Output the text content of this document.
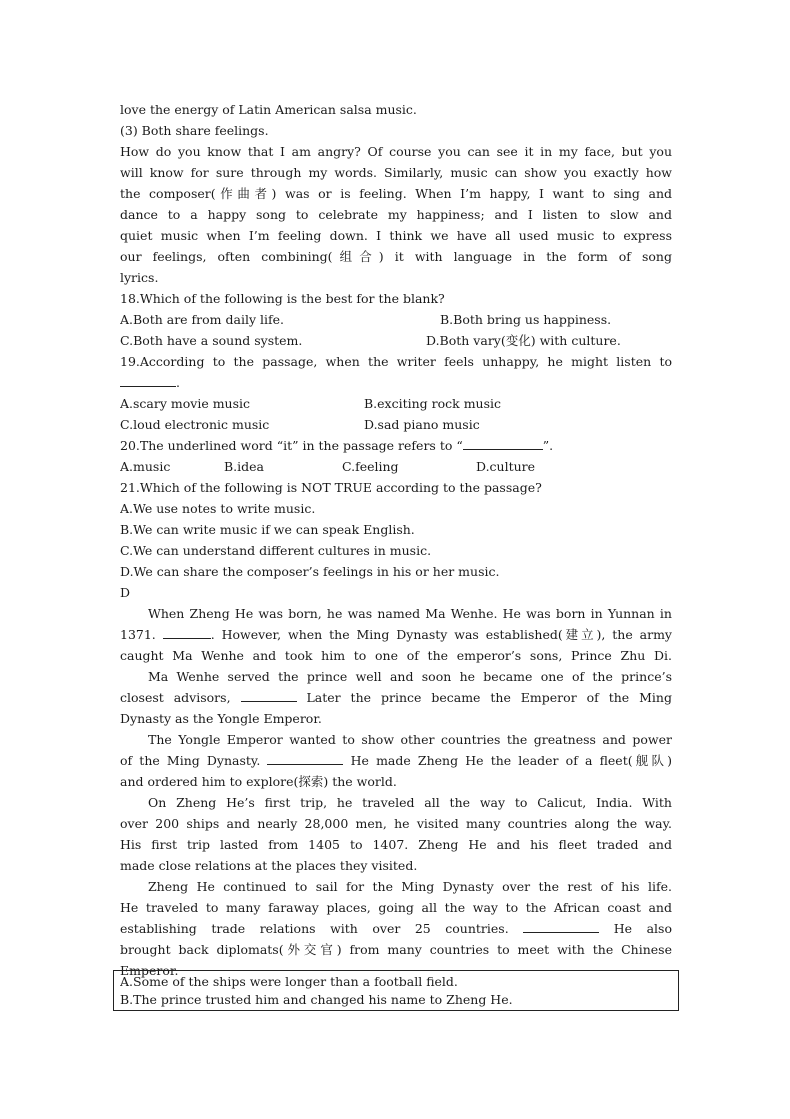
love the energy of Latin American salsa music.
(3) Both share feelings.
How do you know that I am angry? Of course you can see it in my face, but you
will know for sure through my words. Similarly, music can show you exactly how
the composer(作曲者) was or is feeling. When I’m happy, I want to sing and
dance to a happy song to celebrate my happiness; and I listen to slow and
quiet music when I’m feeling down. I think we have all used music to express
our feelings, often combining(组合) it with language in the form of song
lyrics.
18.Which of the following is the best for the blank?
A.Both are from daily life.	B.Both bring us happiness.
C.Both have a sound system.	D.Both vary(变化) with culture.
19.According to the passage, when the writer feels unhappy, he might listen to
.
A.scary movie music	B.exciting rock music
C.loud electronic music	D.sad piano music
20.The underlined word “it” in the passage refers to “	”.
A.music	B.idea	C.feeling	D.culture
21.Which of the following is NOT TRUE according to the passage?
A.We use notes to write music.
B.We can write music if we can speak English.
C.We can understand different cultures in music.
D.We can share the composer’s feelings in his or her music.
D
When Zheng He was born, he was named Ma Wenhe. He was born in Yunnan in
1371.	. However, when the Ming Dynasty was established(建立), the army
caught Ma Wenhe and took him to one of the emperor’s sons, Prince Zhu Di.
Ma Wenhe served the prince well and soon he became one of the prince’s
closest advisors,	Later the prince became the Emperor of the Ming
Dynasty as the Yongle Emperor.
The Yongle Emperor wanted to show other countries the greatness and power
of the Ming Dynasty.	He made Zheng He the leader of a fleet(舰队)
and ordered him to explore(探索) the world.
On Zheng He’s first trip, he traveled all the way to Calicut, India. With
over 200 ships and nearly 28,000 men, he visited many countries along the way.
His first trip lasted from 1405 to 1407. Zheng He and his fleet traded and
made close relations at the places they visited.
Zheng He continued to sail for the Ming Dynasty over the rest of his life.
He traveled to many faraway places, going all the way to the African coast and
establishing trade relations with over 25 countries.	He also
brought back diplomats(外交官) from many countries to meet with the Chinese
Emperor.
A.Some of the ships were longer than a football field.
B.The prince trusted him and changed his name to Zheng He.
